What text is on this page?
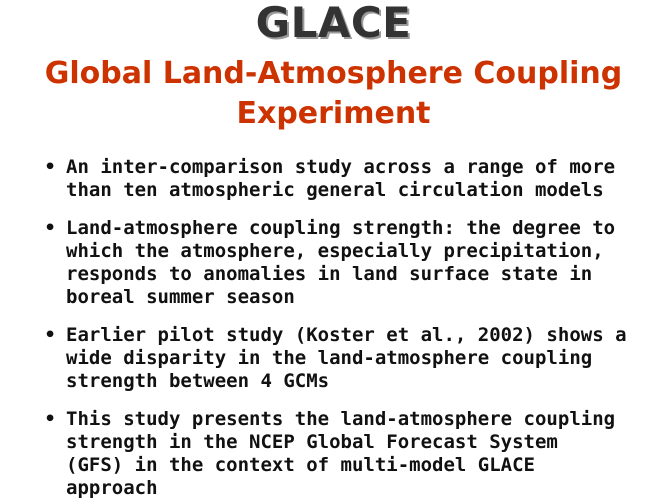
GLACE
Global Land-Atmosphere Coupling
Experiment
• An inter-comparison study across a range of more
than ten atmospheric general circulation models
• Land-atmosphere coupling strength: the degree to
which the atmosphere, especially precipitation,
responds to anomalies in land surface state in
boreal summer season
• Earlier pilot study (Koster et al., 2002) shows a
wide disparity in the land-atmosphere coupling
strength between 4 GCMs
• This study presents the land-atmosphere coupling
strength in the NCEP Global Forecast System
(GFS) in the context of multi-model GLACE
approach
